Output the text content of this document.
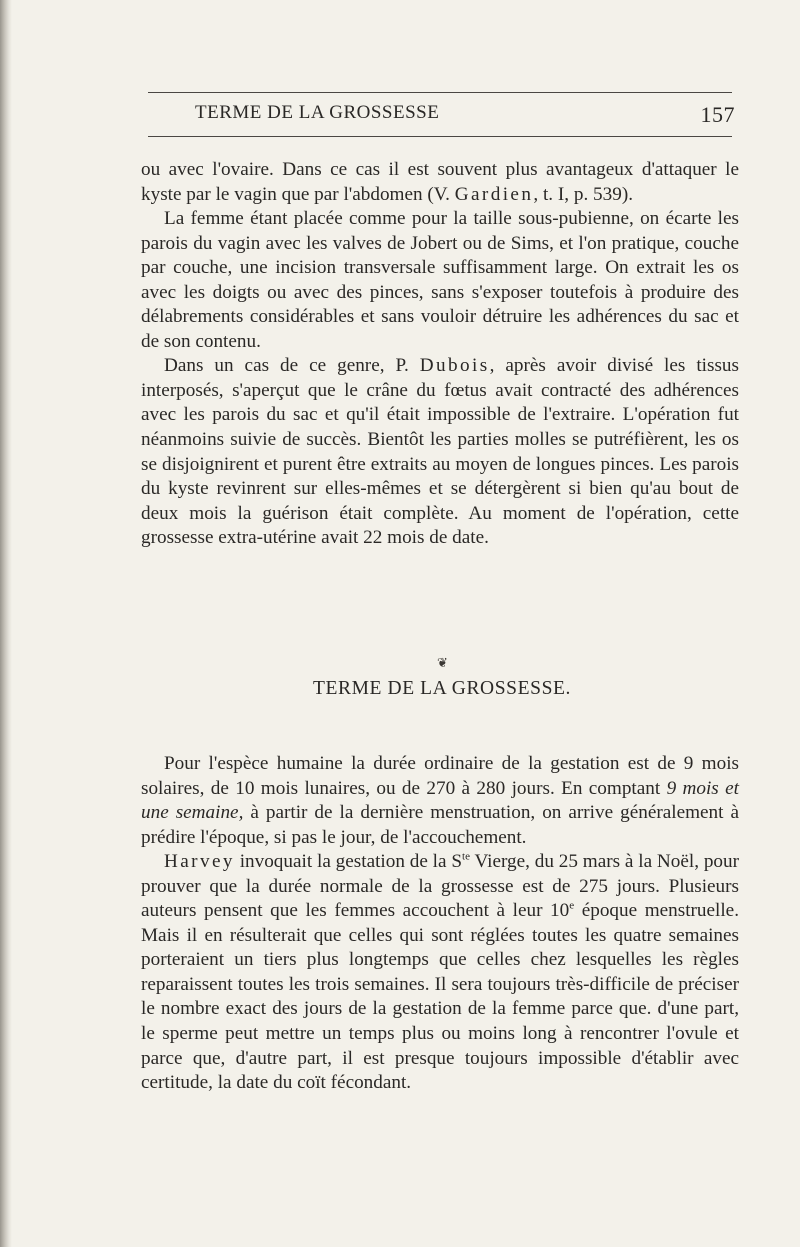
TERME DE LA GROSSESSE	157

ou avec l'ovaire. Dans ce cas il est souvent plus avantageux d'attaquer le kyste par le vagin que par l'abdomen (V. Gardien, t. I, p. 539).

La femme étant placée comme pour la taille sous-pubienne, on écarte les parois du vagin avec les valves de Jobert ou de Sims, et l'on pratique, couche par couche, une incision transversale suffisamment large. On extrait les os avec les doigts ou avec des pinces, sans s'exposer toutefois à produire des délabrements considérables et sans vouloir détruire les adhérences du sac et de son contenu.

Dans un cas de ce genre, P. Dubois, après avoir divisé les tissus interposés, s'aperçut que le crâne du fœtus avait contracté des adhérences avec les parois du sac et qu'il était impossible de l'extraire. L'opération fut néanmoins suivie de succès. Bientôt les parties molles se putréfièrent, les os se disjoignirent et purent être extraits au moyen de longues pinces. Les parois du kyste revinrent sur elles-mêmes et se détergèrent si bien qu'au bout de deux mois la guérison était complète. Au moment de l'opération, cette grossesse extra-utérine avait 22 mois de date.

❦
TERME DE LA GROSSESSE.

Pour l'espèce humaine la durée ordinaire de la gestation est de 9 mois solaires, de 10 mois lunaires, ou de 270 à 280 jours. En comptant 9 mois et une semaine, à partir de la dernière menstruation, on arrive généralement à prédire l'époque, si pas le jour, de l'accouchement.

Harvey invoquait la gestation de la $S^{te}$ Vierge, du 25 mars à la Noël, pour prouver que la durée normale de la grossesse est de 275 jours. Plusieurs auteurs pensent que les femmes accouchent à leur 10e époque menstruelle. Mais il en résulterait que celles qui sont réglées toutes les quatre semaines porteraient un tiers plus longtemps que celles chez lesquelles les règles reparaissent toutes les trois semaines. Il sera toujours très-difficile de préciser le nombre exact des jours de la gestation de la femme parce que. d'une part, le sperme peut mettre un temps plus ou moins long à rencontrer l'ovule et parce que, d'autre part, il est presque toujours impossible d'établir avec certitude, la date du coït fécondant.
